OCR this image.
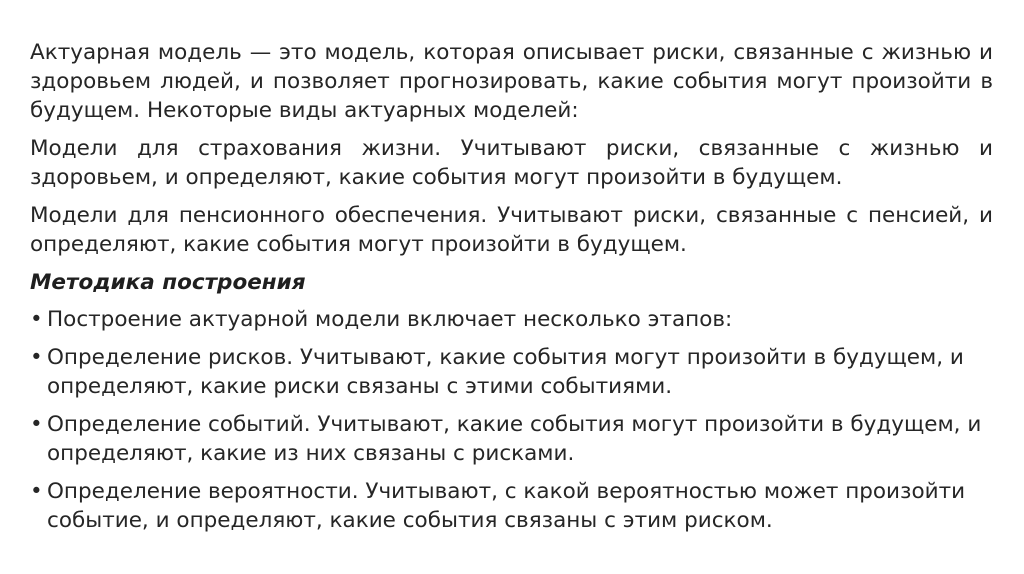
Актуарная модель — это модель, которая описывает риски, связанные с жизнью и здоровьем людей, и позволяет прогнозировать, какие события могут произойти в будущем. Некоторые виды актуарных моделей:

Модели для страхования жизни. Учитывают риски, связанные с жизнью и здоровьем, и определяют, какие события могут произойти в будущем.

Модели для пенсионного обеспечения. Учитывают риски, связанные с пенсией, и определяют, какие события могут произойти в будущем.

Методика построения

• Построение актуарной модели включает несколько этапов:
• Определение рисков. Учитывают, какие события могут произойти в будущем, и определяют, какие риски связаны с этими событиями.
• Определение событий. Учитывают, какие события могут произойти в будущем, и определяют, какие из них связаны с рисками.
• Определение вероятности. Учитывают, с какой вероятностью может произойти событие, и определяют, какие события связаны с этим риском.
